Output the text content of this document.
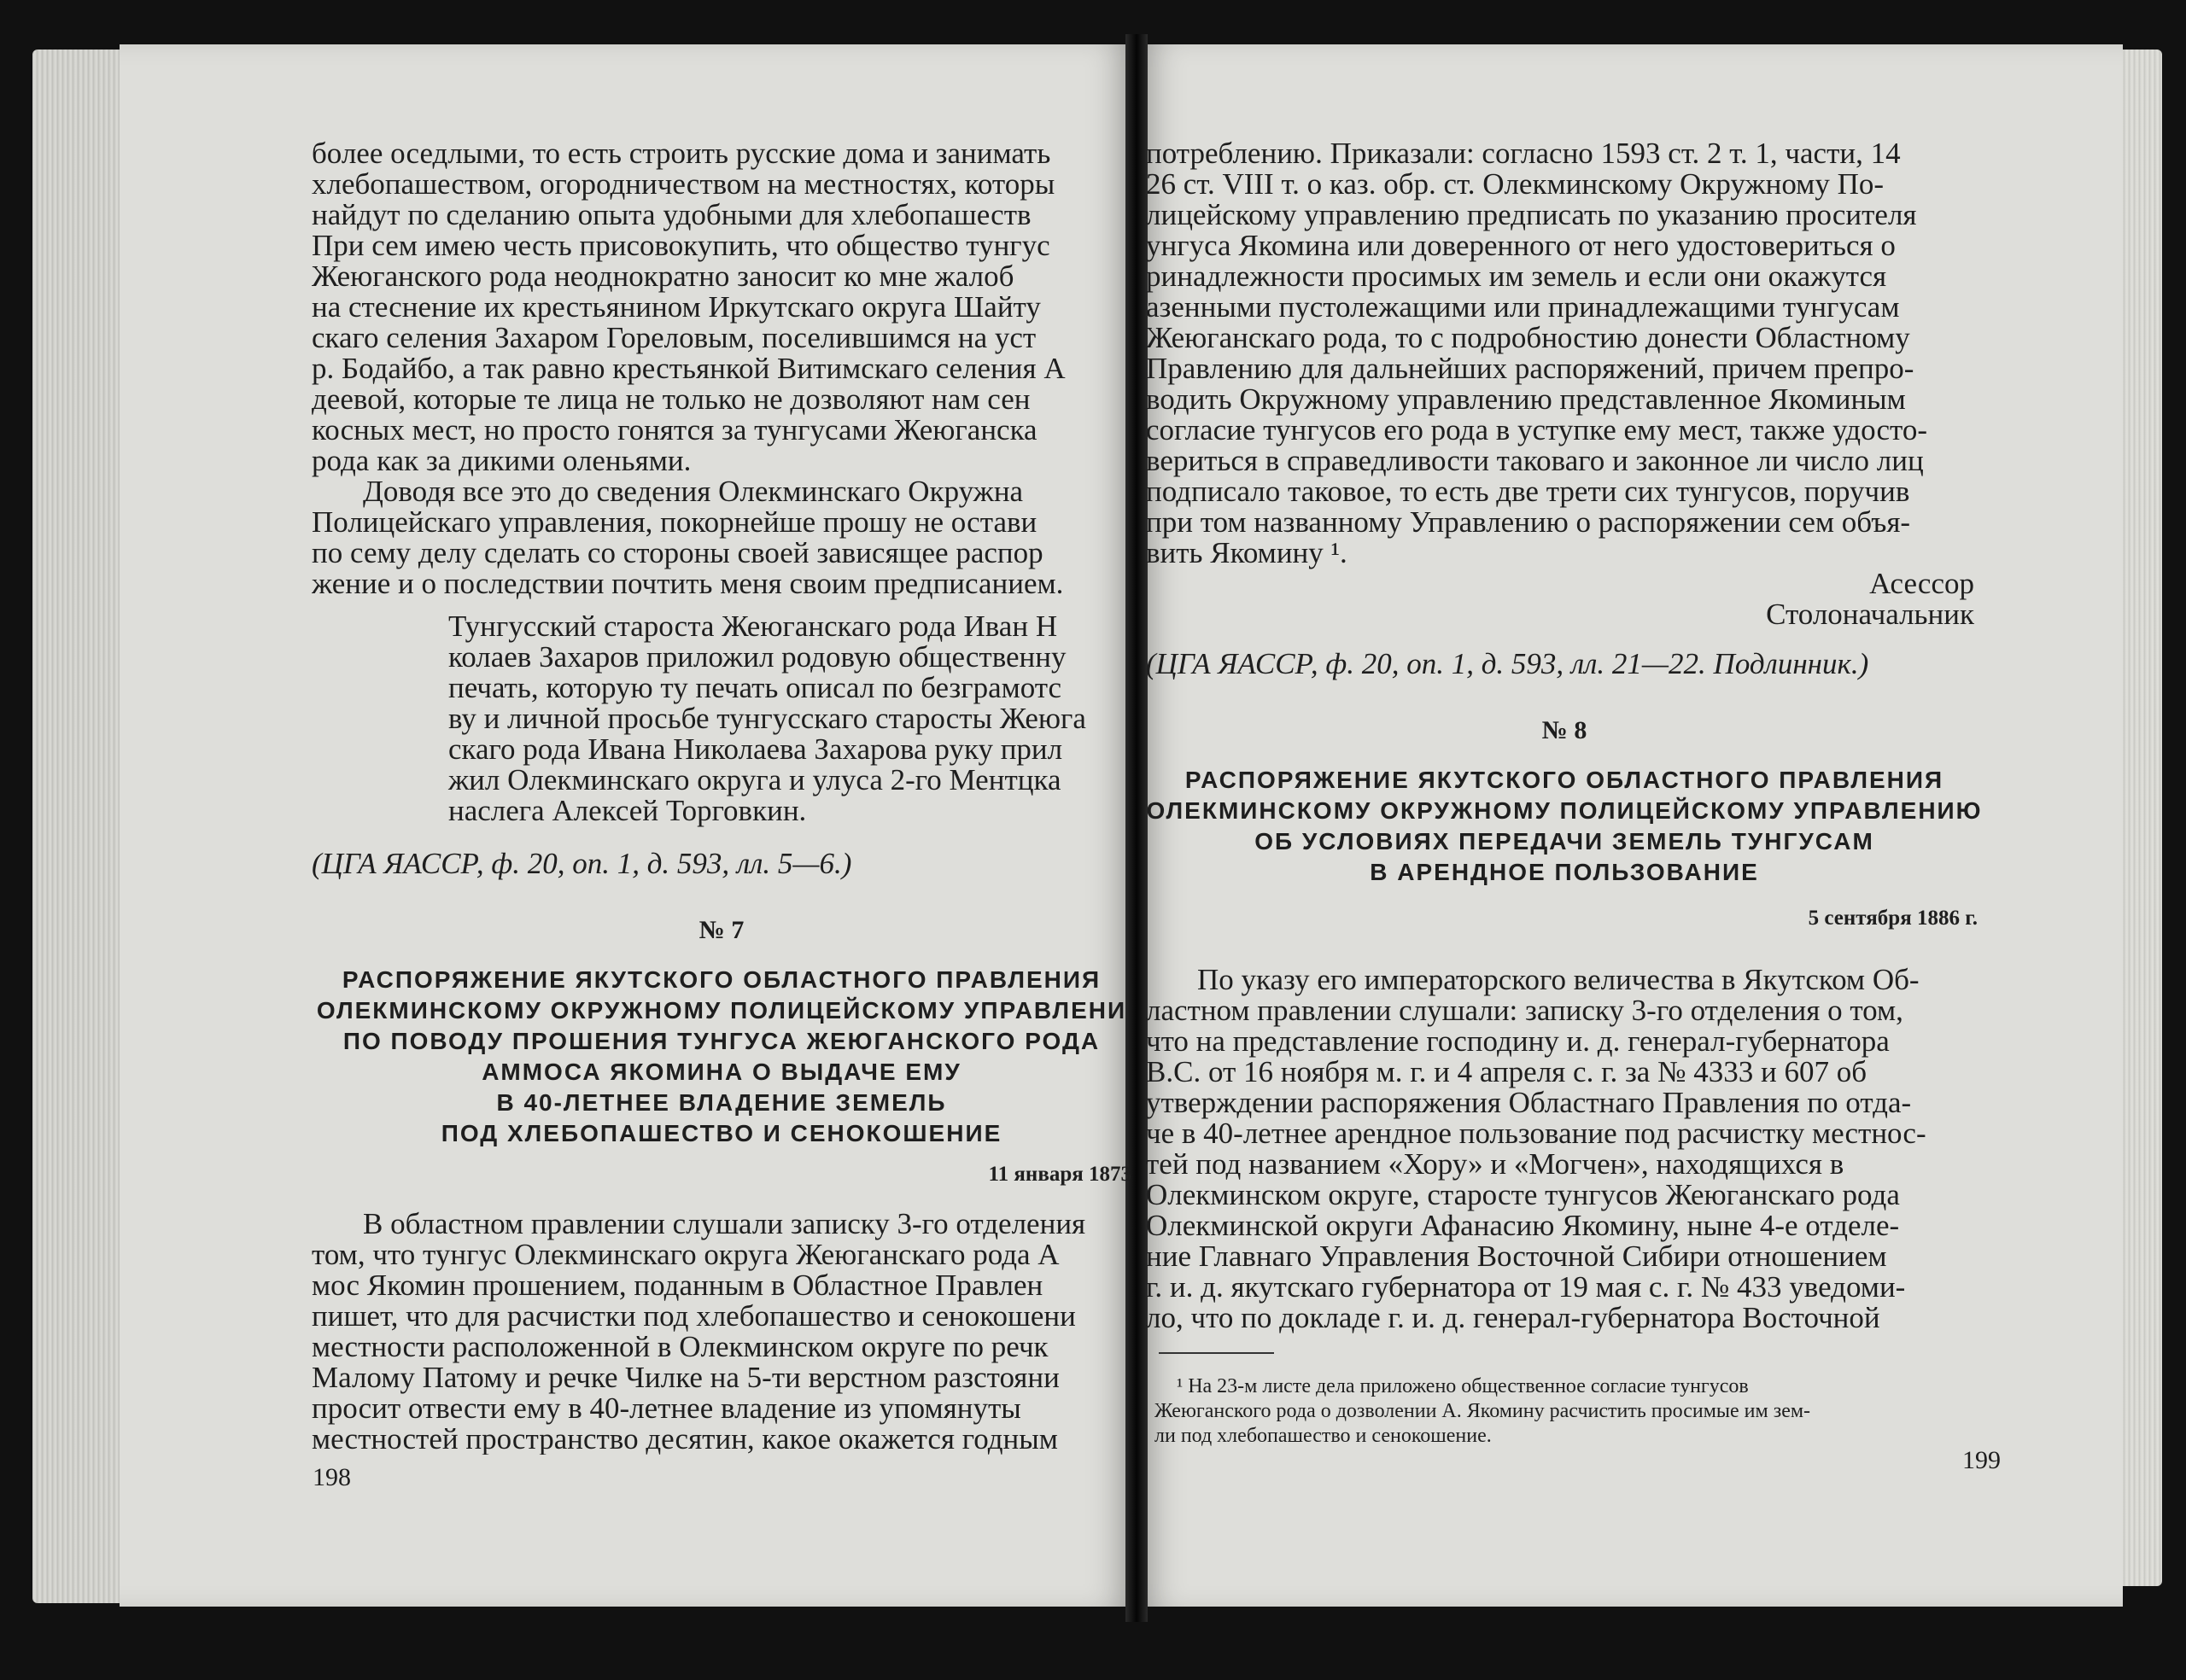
более оседлыми, то есть строить русские дома и занимать
хлебопашеством, огородничеством на местностях, которы
найдут по сделанию опыта удобными для хлебопашеств
При сем имею честь присовокупить, что общество тунгус
Жеюганского рода неоднократно заносит ко мне жалоб
на стеснение их крестьянином Иркутскаго округа Шайту
скаго селения Захаром Гореловым, поселившимся на уст
р. Бодайбо, а так равно крестьянкой Витимскаго селения А
деевой, которые те лица не только не дозволяют нам сен
косных мест, но просто гонятся за тунгусами Жеюганска
рода как за дикими оленьями.
Доводя все это до сведения Олекминскаго Окружна
Полицейскаго управления, покорнейше прошу не остави
по сему делу сделать со стороны своей зависящее распор
жение и о последствии почтить меня своим предписанием.
Тунгусский староста Жеюганскаго рода Иван Н
колаев Захаров приложил родовую общественну
печать, которую ту печать описал по безграмотс
ву и личной просьбе тунгусскаго старосты Жеюга
скаго рода Ивана Николаева Захарова руку прил
жил Олекминскаго округа и улуса 2-го Ментцка
наслега Алексей Торговкин.
(ЦГА ЯАССР, ф. 20, оп. 1, д. 593, лл. 5—6.)
№ 7
РАСПОРЯЖЕНИЕ ЯКУТСКОГО ОБЛАСТНОГО ПРАВЛЕНИЯ
ОЛЕКМИНСКОМУ ОКРУЖНОМУ ПОЛИЦЕЙСКОМУ УПРАВЛЕНИ
ПО ПОВОДУ ПРОШЕНИЯ ТУНГУСА ЖЕЮГАНСКОГО РОДА
АММОСА ЯКОМИНА О ВЫДАЧЕ ЕМУ
В 40-ЛЕТНЕЕ ВЛАДЕНИЕ ЗЕМЕЛЬ
ПОД ХЛЕБОПАШЕСТВО И СЕНОКОШЕНИЕ
11 января 1873
В областном правлении слушали записку 3-го отделения
том, что тунгус Олекминскаго округа Жеюганскаго рода А
мос Якомин прошением, поданным в Областное Правлен
пишет, что для расчистки под хлебопашество и сенокошени
местности расположенной в Олекминском округе по речк
Малому Патому и речке Чилке на 5-ти верстном разстояни
просит отвести ему в 40-летнее владение из упомянуты
местностей пространство десятин, какое окажется годным
198
потреблению. Приказали: согласно 1593 ст. 2 т. 1, части, 14
26 ст. VIII т. о каз. обр. ст. Олекминскому Окружному По-
лицейскому управлению предписать по указанию просителя
унгуса Якомина или доверенного от него удостовериться о
ринадлежности просимых им земель и если они окажутся
азенными пустолежащими или принадлежащими тунгусам
Жеюганскаго рода, то с подробностию донести Областному
Правлению для дальнейших распоряжений, причем препро-
водить Окружному управлению представленное Якоминым
согласие тунгусов его рода в уступке ему мест, также удосто-
вериться в справедливости таковаго и законное ли число лиц
подписало таковое, то есть две трети сих тунгусов, поручив
при том названному Управлению о распоряжении сем объя-
вить Якомину ¹.
Асессор
Столоначальник
(ЦГА ЯАССР, ф. 20, оп. 1, д. 593, лл. 21—22. Подлинник.)
№ 8
РАСПОРЯЖЕНИЕ ЯКУТСКОГО ОБЛАСТНОГО ПРАВЛЕНИЯ
ОЛЕКМИНСКОМУ ОКРУЖНОМУ ПОЛИЦЕЙСКОМУ УПРАВЛЕНИЮ
ОБ УСЛОВИЯХ ПЕРЕДАЧИ ЗЕМЕЛЬ ТУНГУСАМ
В АРЕНДНОЕ ПОЛЬЗОВАНИЕ
5 сентября 1886 г.
По указу его императорского величества в Якутском Об-
ластном правлении слушали: записку 3-го отделения о том,
что на представление господину и. д. генерал-губернатора
В.С. от 16 ноября м. г. и 4 апреля с. г. за № 4333 и 607 об
утверждении распоряжения Областнаго Правления по отда-
че в 40-летнее арендное пользование под расчистку местнос-
тей под названием «Хору» и «Могчен», находящихся в
Олекминском округе, старосте тунгусов Жеюганскаго рода
Олекминской округи Афанасию Якомину, ныне 4-е отделе-
ние Главнаго Управления Восточной Сибири отношением
г. и. д. якутскаго губернатора от 19 мая с. г. № 433 уведоми-
ло, что по докладе г. и. д. генерал-губернатора Восточной
¹ На 23-м листе дела приложено общественное согласие тунгусов
Жеюганского рода о дозволении А. Якомину расчистить просимые им зем-
ли под хлебопашество и сенокошение.
199
